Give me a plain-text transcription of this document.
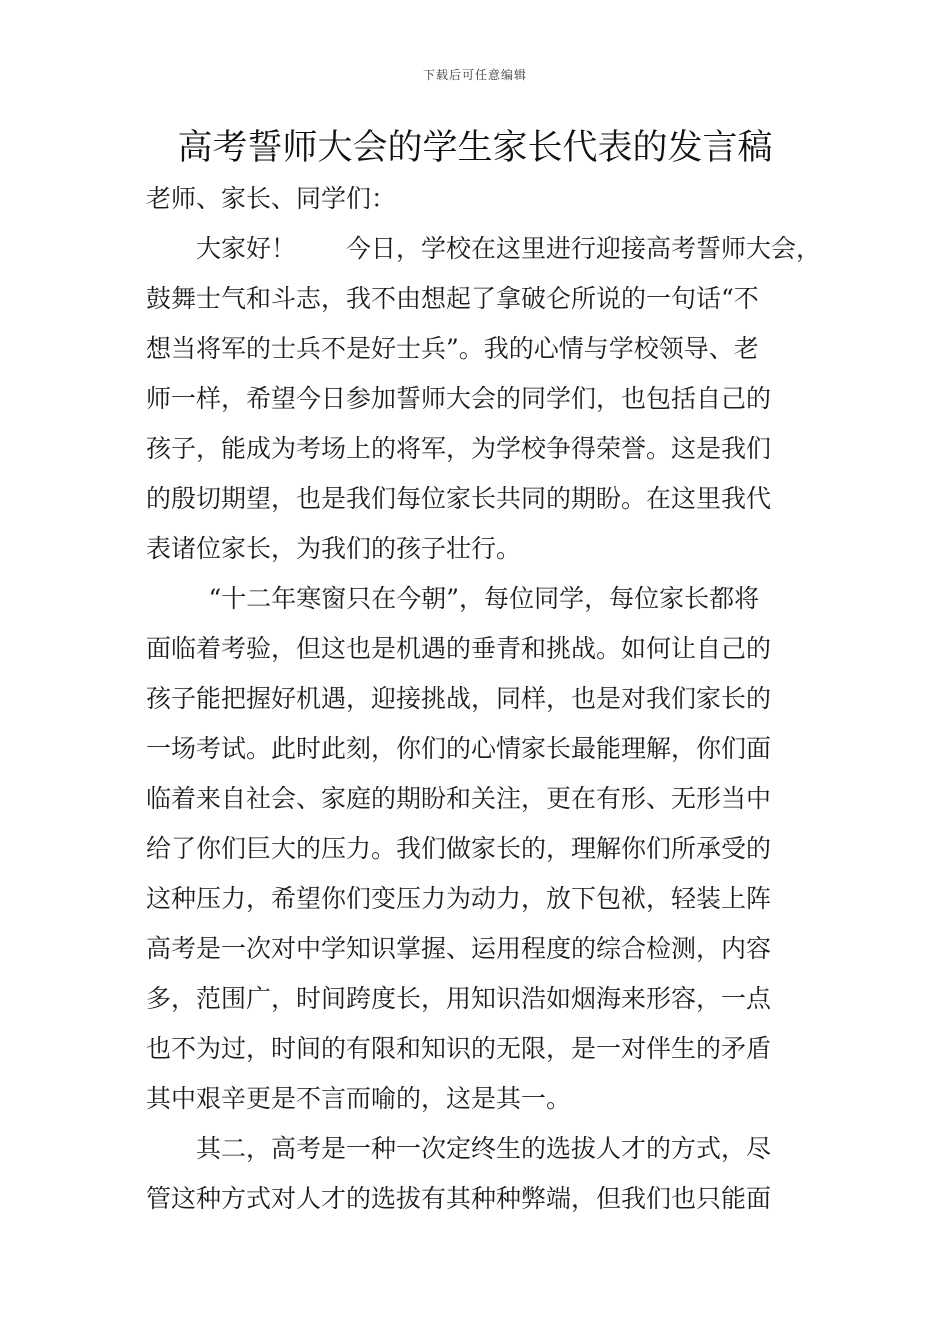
下载后可任意编辑
高考誓师大会的学生家长代表的发言稿

老师、家长、同学们：

大家好！　　今日，学校在这里进行迎接高考誓师大会，
鼓舞士气和斗志，我不由想起了拿破仑所说的一句话“不
想当将军的士兵不是好士兵”。我的心情与学校领导、老
师一样，希望今日参加誓师大会的同学们，也包括自己的
孩子，能成为考场上的将军，为学校争得荣誉。这是我们
的殷切期望，也是我们每位家长共同的期盼。在这里我代
表诸位家长，为我们的孩子壮行。

“十二年寒窗只在今朝”，每位同学，每位家长都将
面临着考验，但这也是机遇的垂青和挑战。如何让自己的
孩子能把握好机遇，迎接挑战，同样，也是对我们家长的
一场考试。此时此刻，你们的心情家长最能理解，你们面
临着来自社会、家庭的期盼和关注，更在有形、无形当中
给了你们巨大的压力。我们做家长的，理解你们所承受的
这种压力，希望你们变压力为动力，放下包袱，轻装上阵
高考是一次对中学知识掌握、运用程度的综合检测，内容
多，范围广，时间跨度长，用知识浩如烟海来形容，一点
也不为过，时间的有限和知识的无限，是一对伴生的矛盾
其中艰辛更是不言而喻的，这是其一。

其二，高考是一种一次定终生的选拔人才的方式，尽
管这种方式对人才的选拔有其种种弊端，但我们也只能面
